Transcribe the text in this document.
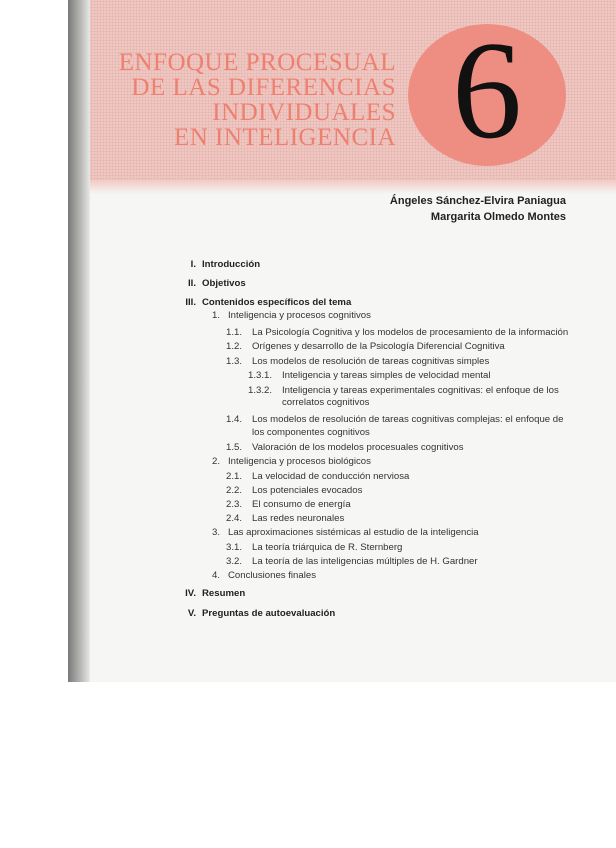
ENFOQUE PROCESUAL
DE LAS DIFERENCIAS
INDIVIDUALES
EN INTELIGENCIA 6
Ángeles Sánchez-Elvira Paniagua
Margarita Olmedo Montes
I. Introducción
II. Objetivos
III. Contenidos específicos del tema
1. Inteligencia y procesos cognitivos
1.1. La Psicología Cognitiva y los modelos de procesamiento de la información
1.2. Orígenes y desarrollo de la Psicología Diferencial Cognitiva
1.3. Los modelos de resolución de tareas cognitivas simples
1.3.1. Inteligencia y tareas simples de velocidad mental
1.3.2. Inteligencia y tareas experimentales cognitivas: el enfoque de los
correlatos cognitivos
1.4. Los modelos de resolución de tareas cognitivas complejas: el enfoque de
los componentes cognitivos
1.5. Valoración de los modelos procesuales cognitivos
2. Inteligencia y procesos biológicos
2.1. La velocidad de conducción nerviosa
2.2. Los potenciales evocados
2.3. El consumo de energía
2.4. Las redes neuronales
3. Las aproximaciones sistémicas al estudio de la inteligencia
3.1. La teoría triárquica de R. Sternberg
3.2. La teoría de las inteligencias múltiples de H. Gardner
4. Conclusiones finales
IV. Resumen
V. Preguntas de autoevaluación
